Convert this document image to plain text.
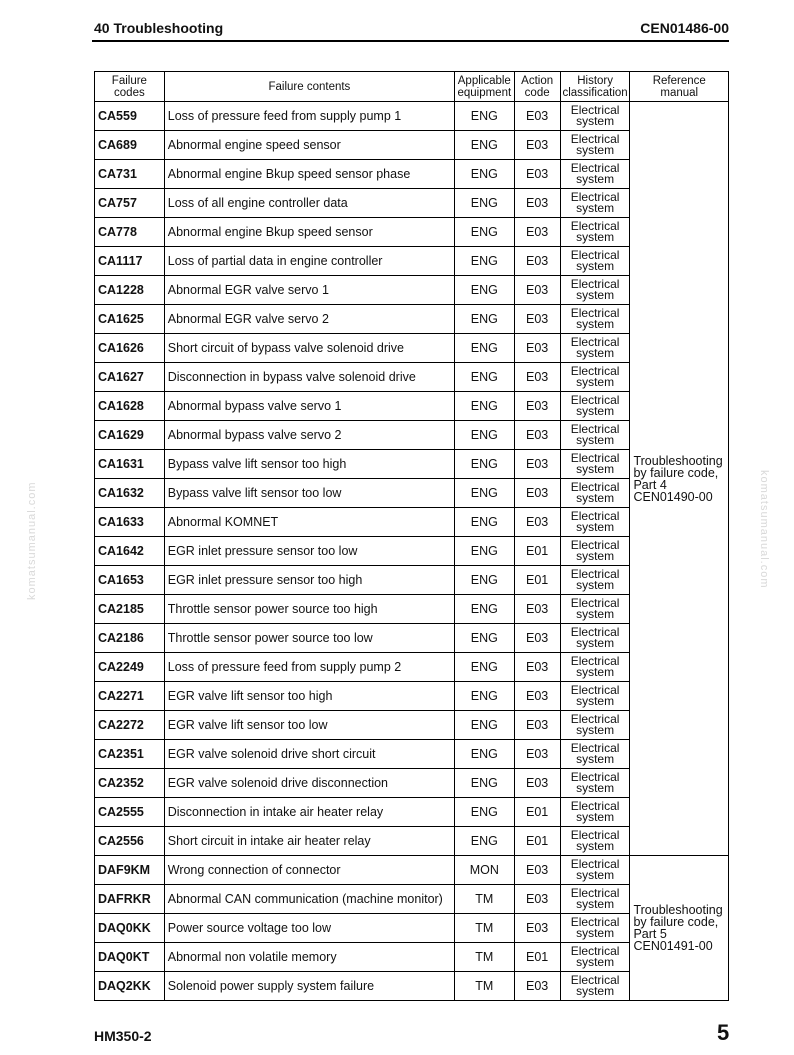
40 Troubleshooting	CEN01486-00
komatsumanual.com	komatsumanual.com
Failure codes	Failure contents	Applicable equipment	Action code	History classification	Reference manual
CA559	Loss of pressure feed from supply pump 1	ENG	E03	Electrical system	Troubleshooting by failure code, Part 4 CEN01490-00
CA689	Abnormal engine speed sensor	ENG	E03	Electrical system	
CA731	Abnormal engine Bkup speed sensor phase	ENG	E03	Electrical system	
CA757	Loss of all engine controller data	ENG	E03	Electrical system	
CA778	Abnormal engine Bkup speed sensor	ENG	E03	Electrical system	
CA1117	Loss of partial data in engine controller	ENG	E03	Electrical system	
CA1228	Abnormal EGR valve servo 1	ENG	E03	Electrical system	
CA1625	Abnormal EGR valve servo 2	ENG	E03	Electrical system	
CA1626	Short circuit of bypass valve solenoid drive	ENG	E03	Electrical system	
CA1627	Disconnection in bypass valve solenoid drive	ENG	E03	Electrical system	
CA1628	Abnormal bypass valve servo 1	ENG	E03	Electrical system	
CA1629	Abnormal bypass valve servo 2	ENG	E03	Electrical system	
CA1631	Bypass valve lift sensor too high	ENG	E03	Electrical system	
CA1632	Bypass valve lift sensor too low	ENG	E03	Electrical system	
CA1633	Abnormal KOMNET	ENG	E03	Electrical system	
CA1642	EGR inlet pressure sensor too low	ENG	E01	Electrical system	
CA1653	EGR inlet pressure sensor too high	ENG	E01	Electrical system	
CA2185	Throttle sensor power source too high	ENG	E03	Electrical system	
CA2186	Throttle sensor power source too low	ENG	E03	Electrical system	
CA2249	Loss of pressure feed from supply pump 2	ENG	E03	Electrical system	
CA2271	EGR valve lift sensor too high	ENG	E03	Electrical system	
CA2272	EGR valve lift sensor too low	ENG	E03	Electrical system	
CA2351	EGR valve solenoid drive short circuit	ENG	E03	Electrical system	
CA2352	EGR valve solenoid drive disconnection	ENG	E03	Electrical system	
CA2555	Disconnection in intake air heater relay	ENG	E01	Electrical system	
CA2556	Short circuit in intake air heater relay	ENG	E01	Electrical system	
DAF9KM	Wrong connection of connector	MON	E03	Electrical system	Troubleshooting by failure code, Part 5 CEN01491-00
DAFRKR	Abnormal CAN communication (machine monitor)	TM	E03	Electrical system	
DAQ0KK	Power source voltage too low	TM	E03	Electrical system	
DAQ0KT	Abnormal non volatile memory	TM	E01	Electrical system	
DAQ2KK	Solenoid power supply system failure	TM	E03	Electrical system	
HM350-2	5
